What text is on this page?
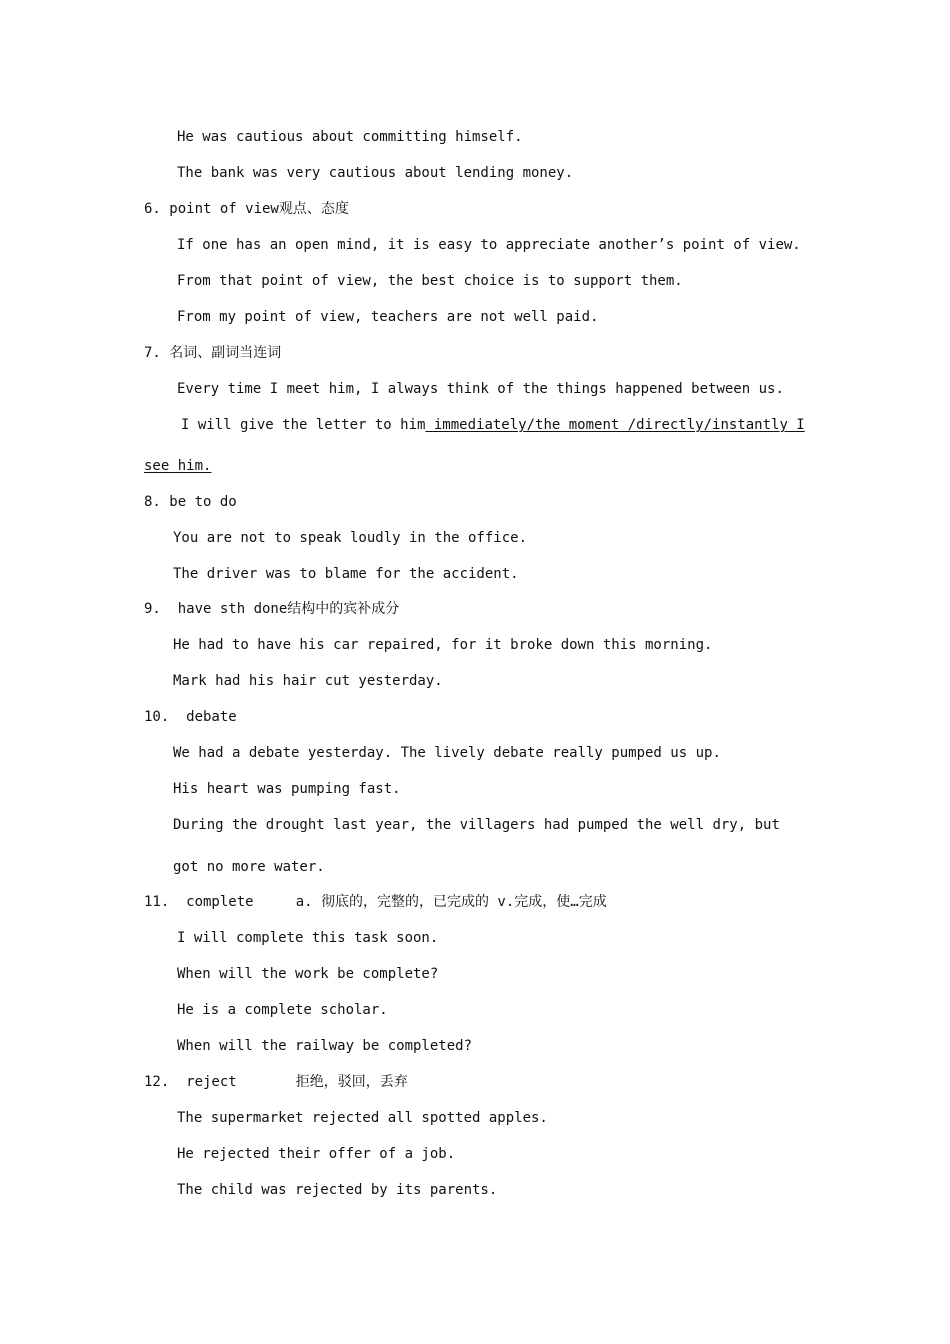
He was cautious about committing himself.
The bank was very cautious about lending money.
6. point of view观点、态度
If one has an open mind, it is easy to appreciate another’s point of view.
From that point of view, the best choice is to support them.
From my point of view, teachers are not well paid.
7. 名词、副词当连词
Every time I meet him, I always think of the things happened between us.
I will give the letter to him immediately/the moment /directly/instantly I
see him.
8. be to do
You are not to speak loudly in the office.
The driver was to blame for the accident.
9.  have sth done结构中的宾补成分
He had to have his car repaired, for it broke down this morning.
Mark had his hair cut yesterday.
10.  debate
We had a debate yesterday. The lively debate really pumped us up.
His heart was pumping fast.
During the drought last year, the villagers had pumped the well dry, but
got no more water.
11.  complete     a. 彻底的，完整的，已完成的 v.完成，使…完成
I will complete this task soon.
When will the work be complete?
He is a complete scholar.
When will the railway be completed?
12.  reject       拒绝，驳回，丢弃
The supermarket rejected all spotted apples.
He rejected their offer of a job.
The child was rejected by its parents.
